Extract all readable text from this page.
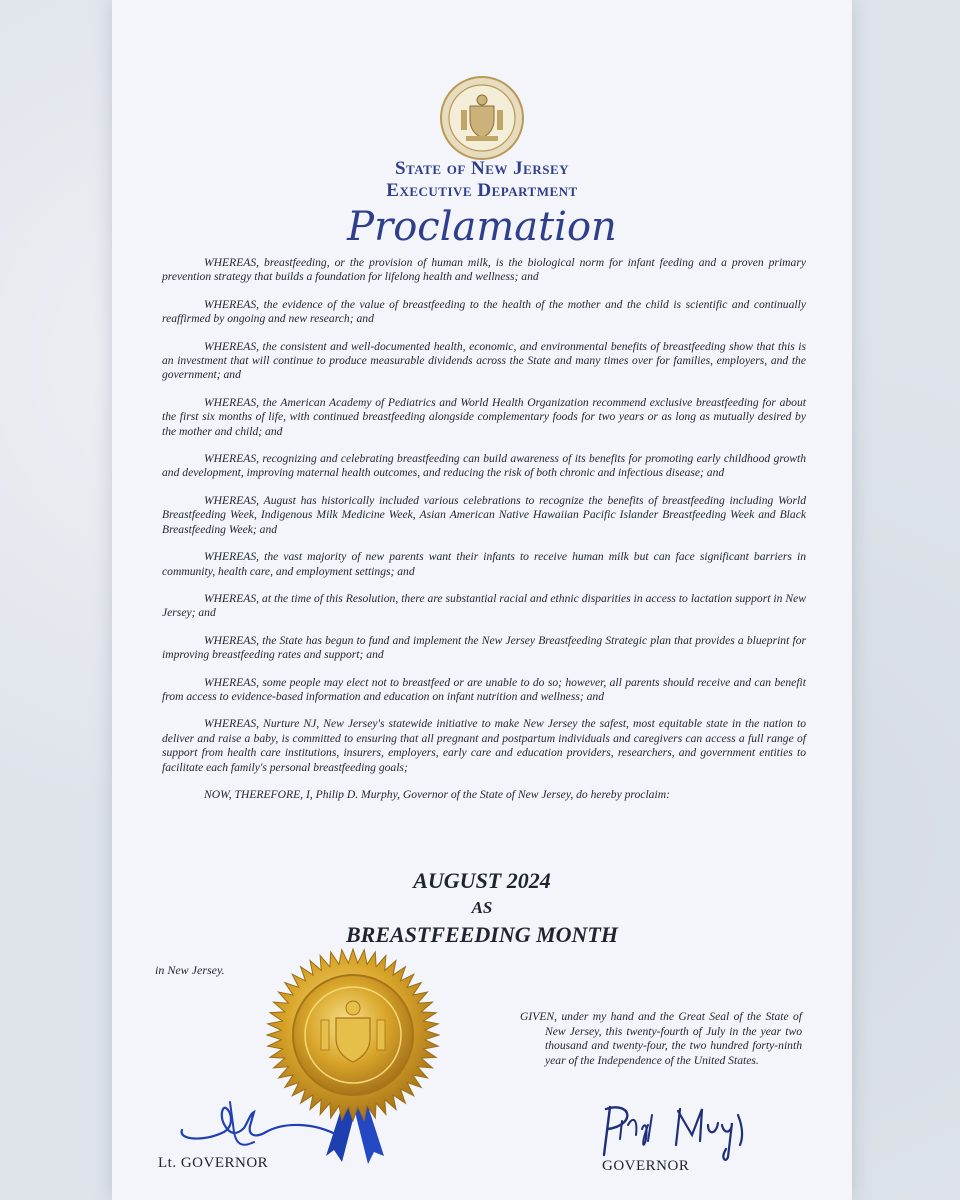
State of New Jersey
Executive Department
Proclamation

WHEREAS, breastfeeding, or the provision of human milk, is the biological norm for infant feeding and a proven primary prevention strategy that builds a foundation for lifelong health and wellness; and

WHEREAS, the evidence of the value of breastfeeding to the health of the mother and the child is scientific and continually reaffirmed by ongoing and new research; and

WHEREAS, the consistent and well-documented health, economic, and environmental benefits of breastfeeding show that this is an investment that will continue to produce measurable dividends across the State and many times over for families, employers, and the government; and

WHEREAS, the American Academy of Pediatrics and World Health Organization recommend exclusive breastfeeding for about the first six months of life, with continued breastfeeding alongside complementary foods for two years or as long as mutually desired by the mother and child; and

WHEREAS, recognizing and celebrating breastfeeding can build awareness of its benefits for promoting early childhood growth and development, improving maternal health outcomes, and reducing the risk of both chronic and infectious disease; and

WHEREAS, August has historically included various celebrations to recognize the benefits of breastfeeding including World Breastfeeding Week, Indigenous Milk Medicine Week, Asian American Native Hawaiian Pacific Islander Breastfeeding Week and Black Breastfeeding Week; and

WHEREAS, the vast majority of new parents want their infants to receive human milk but can face significant barriers in community, health care, and employment settings; and

WHEREAS, at the time of this Resolution, there are substantial racial and ethnic disparities in access to lactation support in New Jersey; and

WHEREAS, the State has begun to fund and implement the New Jersey Breastfeeding Strategic plan that provides a blueprint for improving breastfeeding rates and support; and

WHEREAS, some people may elect not to breastfeed or are unable to do so; however, all parents should receive and can benefit from access to evidence-based information and education on infant nutrition and wellness; and

WHEREAS, Nurture NJ, New Jersey's statewide initiative to make New Jersey the safest, most equitable state in the nation to deliver and raise a baby, is committed to ensuring that all pregnant and postpartum individuals and caregivers can access a full range of support from health care institutions, insurers, employers, early care and education providers, researchers, and government entities to facilitate each family's personal breastfeeding goals;

NOW, THEREFORE, I, Philip D. Murphy, Governor of the State of New Jersey, do hereby proclaim:

AUGUST 2024
AS
BREASTFEEDING MONTH
in New Jersey.

GIVEN, under my hand and the Great Seal of the State of New Jersey, this twenty-fourth of July in the year two thousand and twenty-four, the two hundred forty-ninth year of the Independence of the United States.

Lt. GOVERNOR	GOVERNOR
